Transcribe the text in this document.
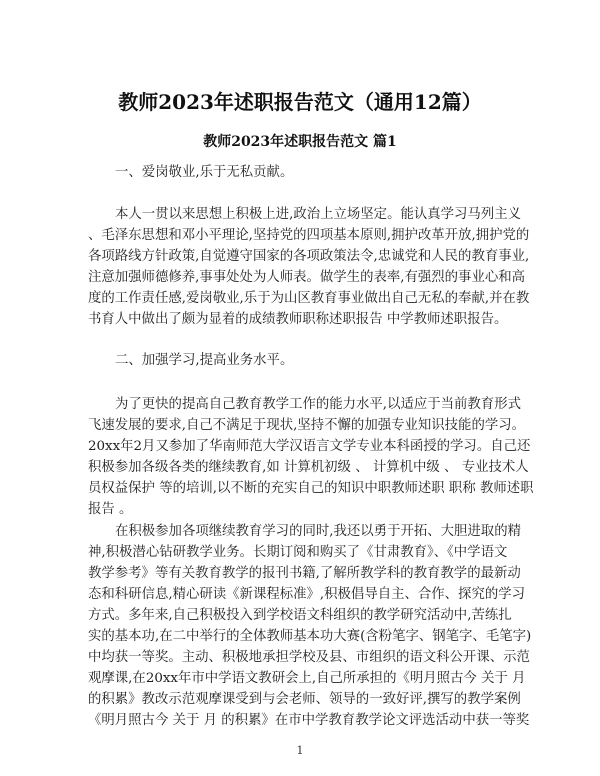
教师2023年述职报告范文（通用12篇）
教师2023年述职报告范文 篇1
一、爱岗敬业,乐于无私贡献。
本人一贯以来思想上积极上进,政治上立场坚定。能认真学习马列主义
、毛泽东思想和邓小平理论,坚持党的四项基本原则,拥护改革开放,拥护党的
各项路线方针政策,自觉遵守国家的各项政策法令,忠诚党和人民的教育事业,
注意加强师德修养,事事处处为人师表。做学生的表率,有强烈的事业心和高
度的工作责任感,爱岗敬业,乐于为山区教育事业做出自己无私的奉献,并在教
书育人中做出了颇为显着的成绩教师职称述职报告 中学教师述职报告。
二、加强学习,提高业务水平。
为了更快的提高自己教育教学工作的能力水平,以适应于当前教育形式
飞速发展的要求,自己不满足于现状,坚持不懈的加强专业知识技能的学习。
20xx年2月又参加了华南师范大学汉语言文学专业本科函授的学习。自己还
积极参加各级各类的继续教育,如 计算机初级 、 计算机中级 、 专业技术人
员权益保护 等的培训,以不断的充实自己的知识中职教师述职 职称 教师述职
报告 。
在积极参加各项继续教育学习的同时,我还以勇于开拓、大胆进取的精
神,积极潜心钻研教学业务。长期订阅和购买了《甘肃教育》、《中学语文
教学参考》等有关教育教学的报刊书籍,了解所教学科的教育教学的最新动
态和科研信息,精心研读《新课程标准》,积极倡导自主、合作、探究的学习
方式。多年来,自己积极投入到学校语文科组织的教学研究活动中,苦练扎
实的基本功,在二中举行的全体教师基本功大赛(含粉笔字、钢笔字、毛笔字)
中均获一等奖。主动、积极地承担学校及县、市组织的语文科公开课、示范
观摩课,在20xx年市中学语文教研会上,自己所承担的《明月照古今 关于 月
的积累》教改示范观摩课受到与会老师、领导的一致好评,撰写的教学案例
《明月照古今 关于 月 的积累》在市中学教育教学论文评选活动中获一等奖
1
